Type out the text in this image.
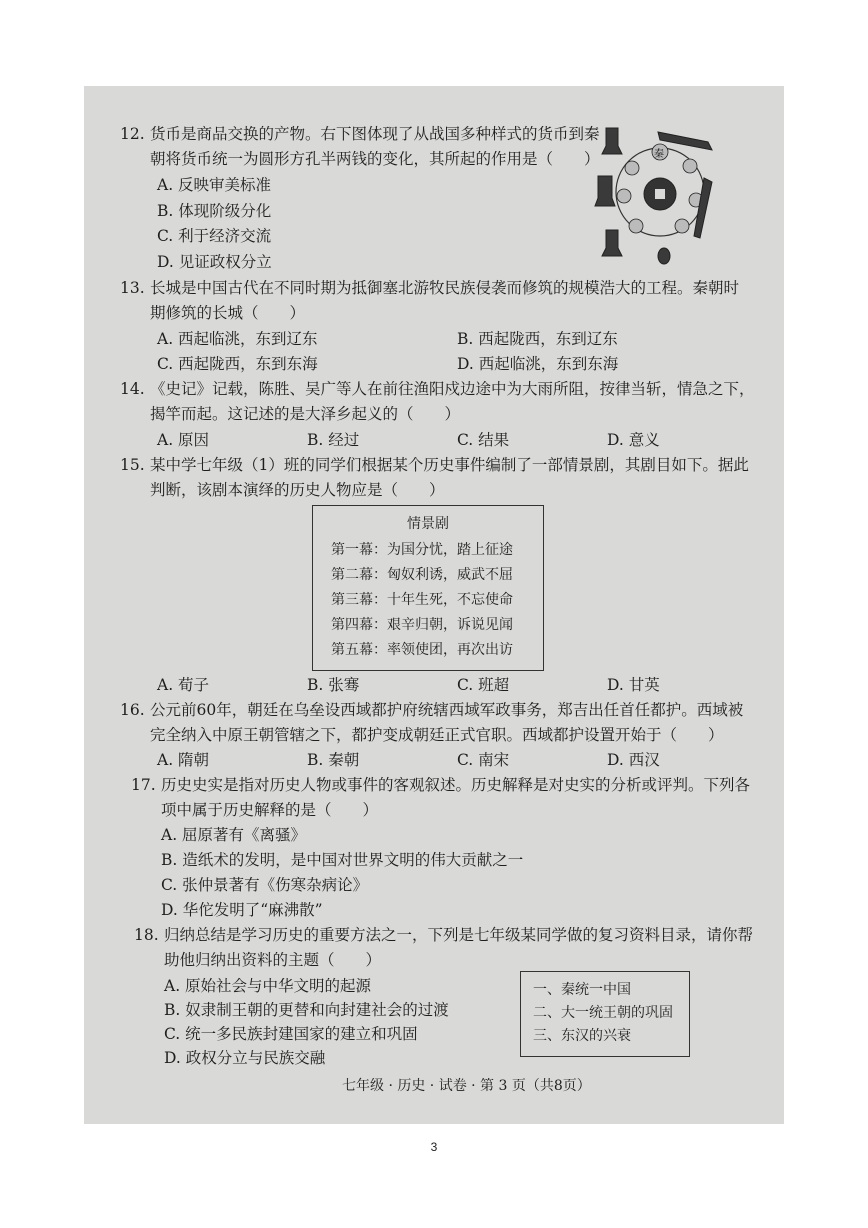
12. 货币是商品交换的产物。右下图体现了从战国多种样式的货币到秦
朝将货币统一为圆形方孔半两钱的变化，其所起的作用是（　　）
A. 反映审美标准
B. 体现阶级分化
C. 利于经济交流
D. 见证政权分立
秦
13. 长城是中国古代在不同时期为抵御塞北游牧民族侵袭而修筑的规模浩大的工程。秦朝时
期修筑的长城（　　）
A. 西起临洮，东到辽东	B. 西起陇西，东到辽东
C. 西起陇西，东到东海	D. 西起临洮，东到东海
14. 《史记》记载，陈胜、吴广等人在前往渔阳戍边途中为大雨所阻，按律当斩，情急之下，
揭竿而起。这记述的是大泽乡起义的（　　）
A. 原因	B. 经过	C. 结果	D. 意义
15. 某中学七年级（1）班的同学们根据某个历史事件编制了一部情景剧，其剧目如下。据此
判断，该剧本演绎的历史人物应是（　　）
情景剧
第一幕：为国分忧，踏上征途
第二幕：匈奴利诱，威武不屈
第三幕：十年生死，不忘使命
第四幕：艰辛归朝，诉说见闻
第五幕：率领使团，再次出访
A. 荀子	B. 张骞	C. 班超	D. 甘英
16. 公元前60年，朝廷在乌垒设西域都护府统辖西域军政事务，郑吉出任首任都护。西域被
完全纳入中原王朝管辖之下，都护变成朝廷正式官职。西域都护设置开始于（　　）
A. 隋朝	B. 秦朝	C. 南宋	D. 西汉
17. 历史史实是指对历史人物或事件的客观叙述。历史解释是对史实的分析或评判。下列各
项中属于历史解释的是（　　）
A. 屈原著有《离骚》
B. 造纸术的发明，是中国对世界文明的伟大贡献之一
C. 张仲景著有《伤寒杂病论》
D. 华佗发明了“麻沸散”
18. 归纳总结是学习历史的重要方法之一，下列是七年级某同学做的复习资料目录，请你帮
助他归纳出资料的主题（　　）
A. 原始社会与中华文明的起源
B. 奴隶制王朝的更替和向封建社会的过渡
C. 统一多民族封建国家的建立和巩固
D. 政权分立与民族交融
一、秦统一中国
二、大一统王朝的巩固
三、东汉的兴衰
七年级 · 历史 · 试卷 · 第 3 页（共8页）
3
